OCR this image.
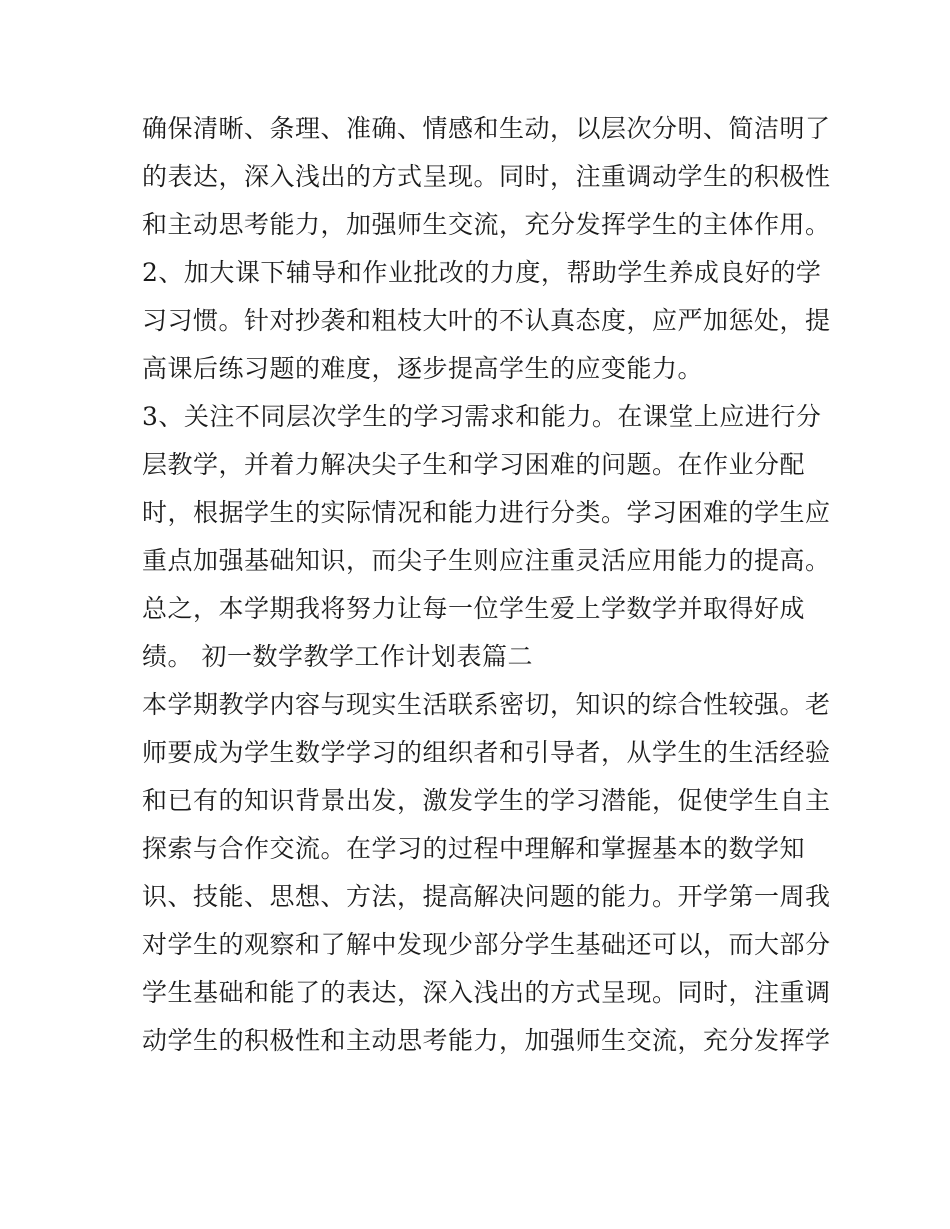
确保清晰、条理、准确、情感和生动，以层次分明、简洁明了
的表达，深入浅出的方式呈现。同时，注重调动学生的积极性
和主动思考能力，加强师生交流，充分发挥学生的主体作用。
2、加大课下辅导和作业批改的力度，帮助学生养成良好的学
习习惯。针对抄袭和粗枝大叶的不认真态度，应严加惩处，提
高课后练习题的难度，逐步提高学生的应变能力。
3、关注不同层次学生的学习需求和能力。在课堂上应进行分
层教学，并着力解决尖子生和学习困难的问题。在作业分配
时，根据学生的实际情况和能力进行分类。学习困难的学生应
重点加强基础知识，而尖子生则应注重灵活应用能力的提高。
总之，本学期我将努力让每一位学生爱上学数学并取得好成
绩。 初一数学教学工作计划表篇二
本学期教学内容与现实生活联系密切，知识的综合性较强。老
师要成为学生数学学习的组织者和引导者，从学生的生活经验
和已有的知识背景出发，激发学生的学习潜能，促使学生自主
探索与合作交流。在学习的过程中理解和掌握基本的数学知
识、技能、思想、方法，提高解决问题的能力。开学第一周我
对学生的观察和了解中发现少部分学生基础还可以，而大部分
学生基础和能了的表达，深入浅出的方式呈现。同时，注重调
动学生的积极性和主动思考能力，加强师生交流，充分发挥学
